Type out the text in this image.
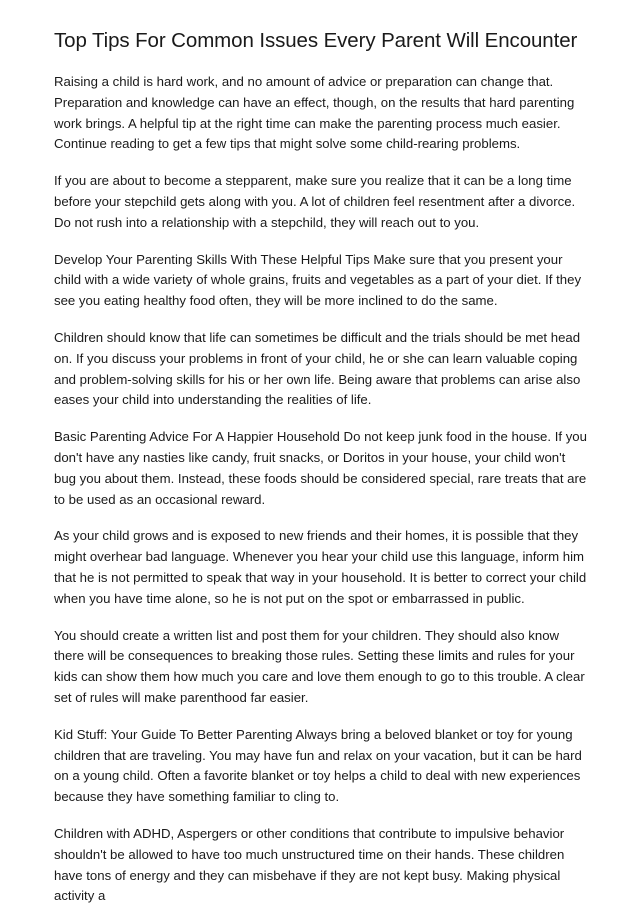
Top Tips For Common Issues Every Parent Will Encounter

Raising a child is hard work, and no amount of advice or preparation can change that. Preparation and knowledge can have an effect, though, on the results that hard parenting work brings. A helpful tip at the right time can make the parenting process much easier. Continue reading to get a few tips that might solve some child-rearing problems.

If you are about to become a stepparent, make sure you realize that it can be a long time before your stepchild gets along with you. A lot of children feel resentment after a divorce. Do not rush into a relationship with a stepchild, they will reach out to you.

Develop Your Parenting Skills With These Helpful Tips Make sure that you present your child with a wide variety of whole grains, fruits and vegetables as a part of your diet. If they see you eating healthy food often, they will be more inclined to do the same.

Children should know that life can sometimes be difficult and the trials should be met head on. If you discuss your problems in front of your child, he or she can learn valuable coping and problem-solving skills for his or her own life. Being aware that problems can arise also eases your child into understanding the realities of life.

Basic Parenting Advice For A Happier Household Do not keep junk food in the house. If you don't have any nasties like candy, fruit snacks, or Doritos in your house, your child won't bug you about them. Instead, these foods should be considered special, rare treats that are to be used as an occasional reward.

As your child grows and is exposed to new friends and their homes, it is possible that they might overhear bad language. Whenever you hear your child use this language, inform him that he is not permitted to speak that way in your household. It is better to correct your child when you have time alone, so he is not put on the spot or embarrassed in public.

You should create a written list and post them for your children. They should also know there will be consequences to breaking those rules. Setting these limits and rules for your kids can show them how much you care and love them enough to go to this trouble. A clear set of rules will make parenthood far easier.

Kid Stuff: Your Guide To Better Parenting Always bring a beloved blanket or toy for young children that are traveling. You may have fun and relax on your vacation, but it can be hard on a young child. Often a favorite blanket or toy helps a child to deal with new experiences because they have something familiar to cling to.

Children with ADHD, Aspergers or other conditions that contribute to impulsive behavior shouldn't be allowed to have too much unstructured time on their hands. These children have tons of energy and they can misbehave if they are not kept busy. Making physical activity a
